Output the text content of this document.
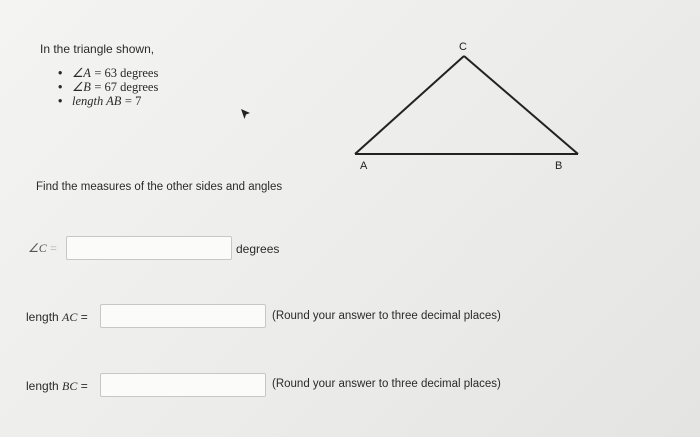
In the triangle shown,
• ∠A = 63 degrees
• ∠B = 67 degrees
• length AB = 7
C
A	B
Find the measures of the other sides and angles
∠C =	degrees
length AC =	(Round your answer to three decimal places)
length BC =	(Round your answer to three decimal places)
